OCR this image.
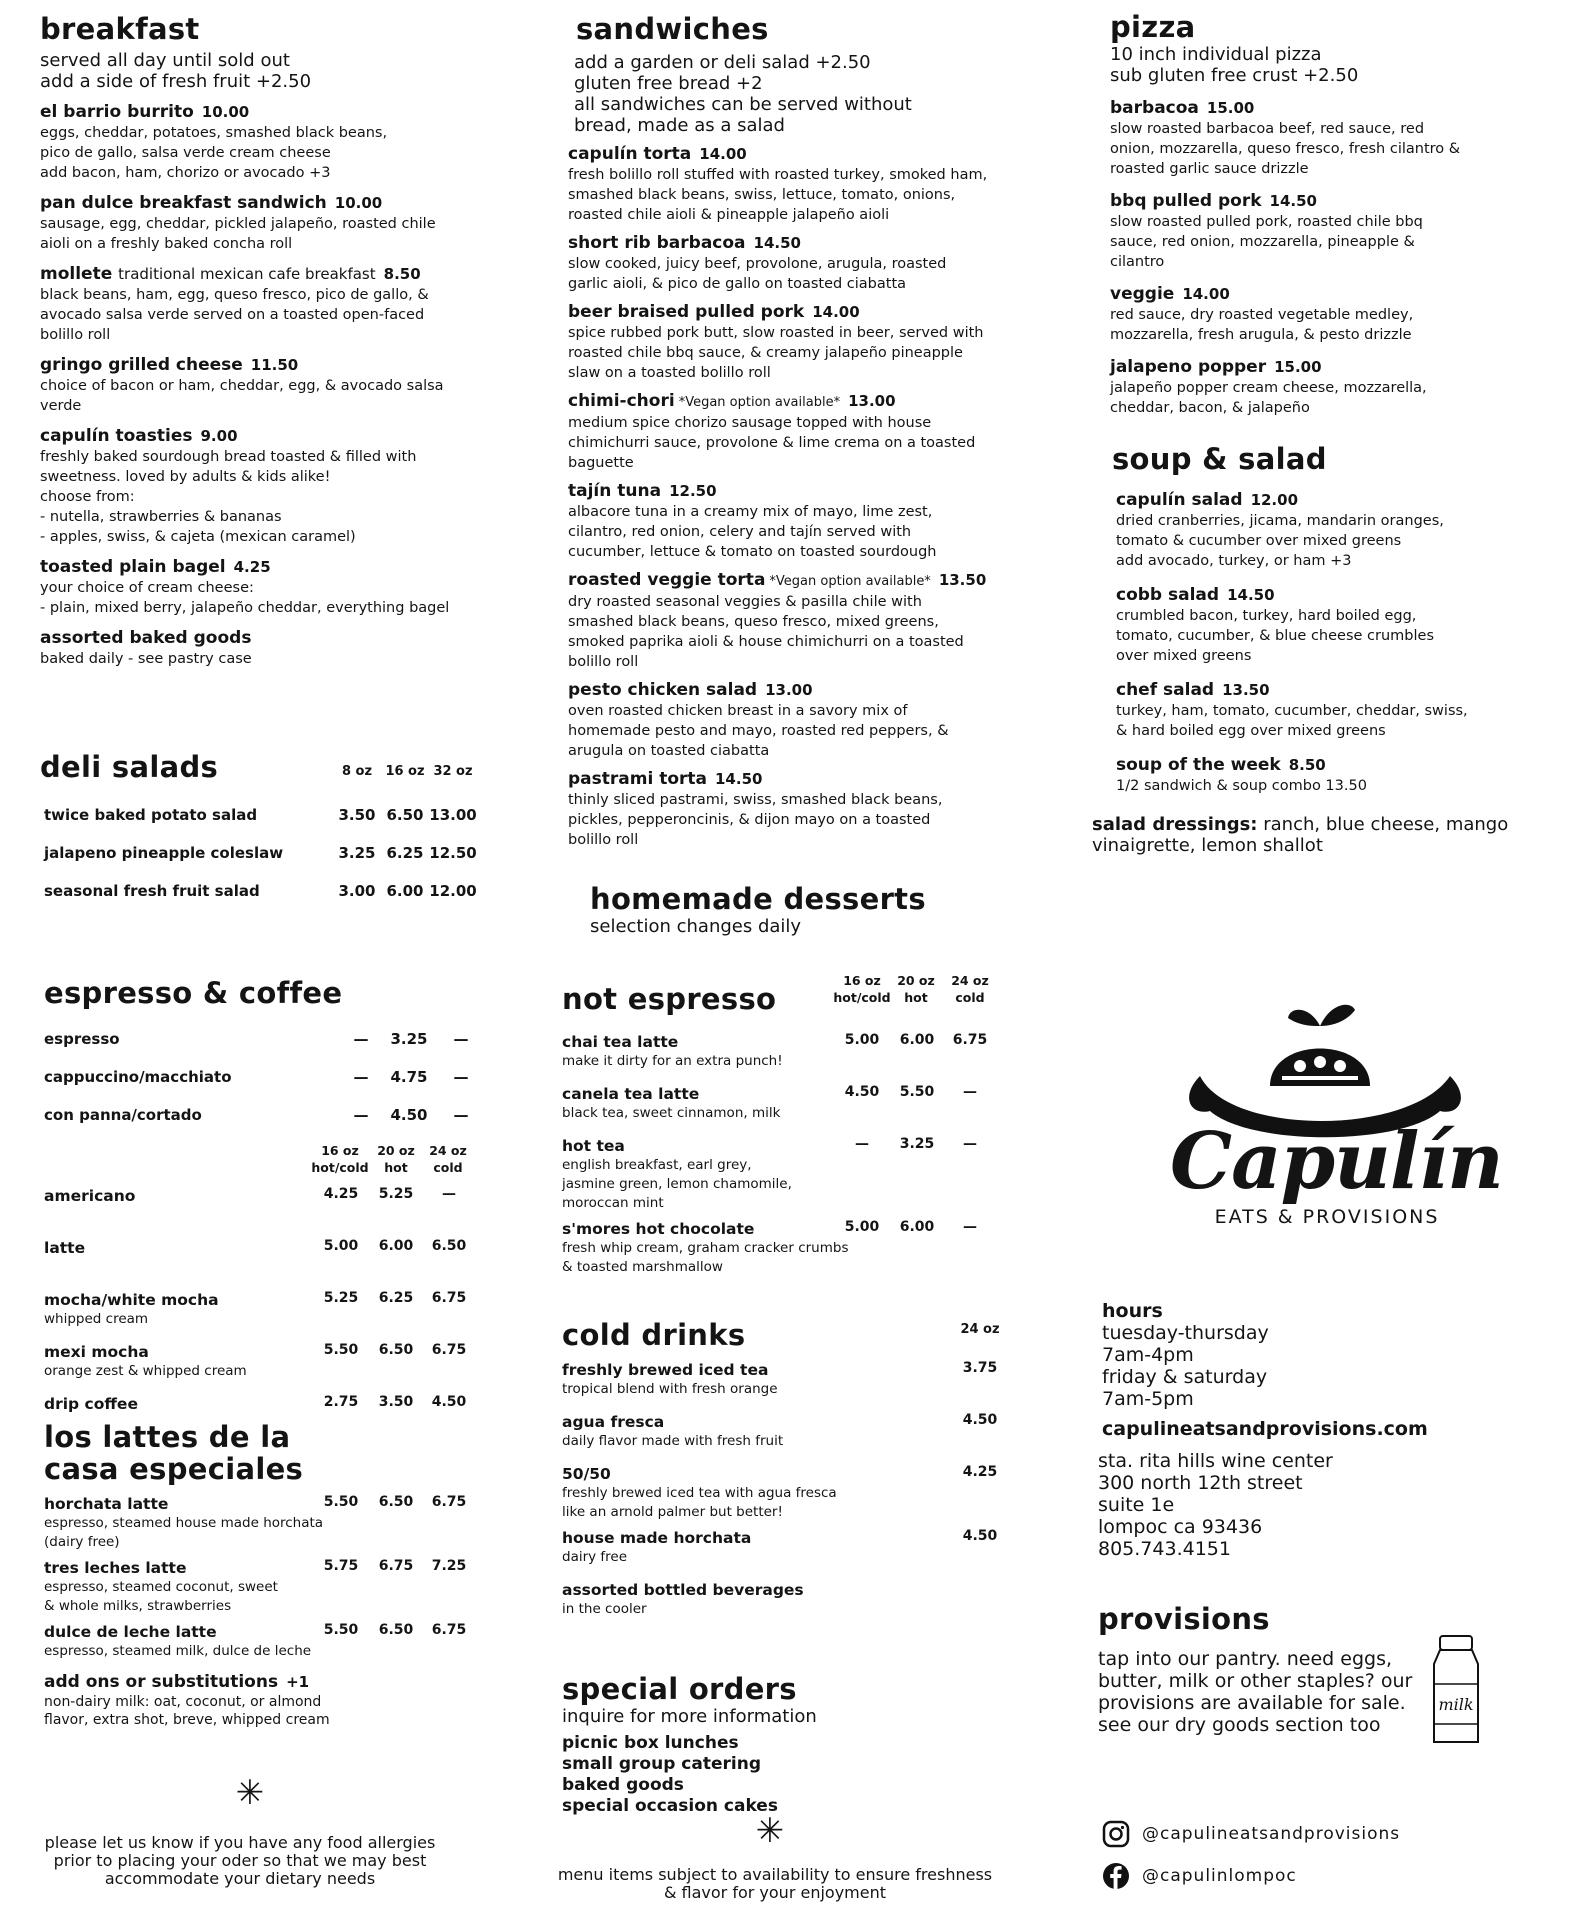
breakfast
served all day until sold out
add a side of fresh fruit +2.50
el barrio burrito 10.00
eggs, cheddar, potatoes, smashed black beans,
pico de gallo, salsa verde cream cheese
add bacon, ham, chorizo or avocado +3
pan dulce breakfast sandwich 10.00
sausage, egg, cheddar, pickled jalapeño, roasted chile
aioli on a freshly baked concha roll
mollete traditional mexican cafe breakfast 8.50
black beans, ham, egg, queso fresco, pico de gallo, &
avocado salsa verde served on a toasted open-faced
bolillo roll
gringo grilled cheese 11.50
choice of bacon or ham, cheddar, egg, & avocado salsa
verde
capulín toasties 9.00
freshly baked sourdough bread toasted & filled with
sweetness. loved by adults & kids alike!
choose from:
- nutella, strawberries & bananas
- apples, swiss, & cajeta (mexican caramel)
toasted plain bagel 4.25
your choice of cream cheese:
- plain, mixed berry, jalapeño cheddar, everything bagel
assorted baked goods
baked daily - see pastry case
deli salads	8 oz	16 oz 32 oz
twice baked potato salad	3.50 6.50 13.00
jalapeno pineapple coleslaw	3.25 6.25 12.50
seasonal fresh fruit salad	3.00 6.00 12.00
espresso & coffee
espresso	—	3.25	—
cappuccino/macchiato	—	4.75	—
con panna/cortado	—	4.50	—
16 oz
hot/cold
20 oz
hot
24 oz
cold
americano	4.25	5.25	—
latte	5.00	6.00	6.50
mocha/white mocha
whipped cream
5.25	6.25	6.75
mexi mocha
orange zest & whipped cream
5.50	6.50	6.75
drip coffee	2.75	3.50	4.50
los lattes de la
casa especiales
horchata latte
espresso, steamed house made horchata
(dairy free)
5.50	6.50	6.75
tres leches latte
espresso, steamed coconut, sweet
& whole milks, strawberries
5.75	6.75	7.25
dulce de leche latte
espresso, steamed milk, dulce de leche
5.50	6.50	6.75
add ons or substitutions +1
non-dairy milk: oat, coconut, or almond
flavor, extra shot, breve, whipped cream
✳
please let us know if you have any food allergies
prior to placing your oder so that we may best
accommodate your dietary needs
sandwiches
add a garden or deli salad +2.50
gluten free bread +2
all sandwiches can be served without
bread, made as a salad
capulín torta 14.00
fresh bolillo roll stuffed with roasted turkey, smoked ham,
smashed black beans, swiss, lettuce, tomato, onions,
roasted chile aioli & pineapple jalapeño aioli
short rib barbacoa 14.50
slow cooked, juicy beef, provolone, arugula, roasted
garlic aioli, & pico de gallo on toasted ciabatta
beer braised pulled pork 14.00
spice rubbed pork butt, slow roasted in beer, served with
roasted chile bbq sauce, & creamy jalapeño pineapple
slaw on a toasted bolillo roll
chimi-chori *Vegan option available* 13.00
medium spice chorizo sausage topped with house
chimichurri sauce, provolone & lime crema on a toasted
baguette
tajín tuna 12.50
albacore tuna in a creamy mix of mayo, lime zest,
cilantro, red onion, celery and tajín served with
cucumber, lettuce & tomato on toasted sourdough
roasted veggie torta *Vegan option available* 13.50
dry roasted seasonal veggies & pasilla chile with
smashed black beans, queso fresco, mixed greens,
smoked paprika aioli & house chimichurri on a toasted
bolillo roll
pesto chicken salad 13.00
oven roasted chicken breast in a savory mix of
homemade pesto and mayo, roasted red peppers, &
arugula on toasted ciabatta
pastrami torta 14.50
thinly sliced pastrami, swiss, smashed black beans,
pickles, pepperoncinis, & dijon mayo on a toasted
bolillo roll
homemade desserts
selection changes daily
not espresso
16 oz
hot/cold
20 oz
hot
24 oz
cold
chai tea latte
make it dirty for an extra punch!
5.00	6.00	6.75
canela tea latte
black tea, sweet cinnamon, milk
4.50	5.50	—
hot tea
english breakfast, earl grey,
jasmine green, lemon chamomile,
moroccan mint
—	3.25	—
s'mores hot chocolate
fresh whip cream, graham cracker crumbs
& toasted marshmallow
5.00	6.00	—
cold drinks	24 oz
freshly brewed iced tea
tropical blend with fresh orange
3.75
agua fresca
daily flavor made with fresh fruit
4.50
50/50
freshly brewed iced tea with agua fresca
like an arnold palmer but better!
4.25
house made horchata
dairy free
4.50
assorted bottled beverages
in the cooler
special orders
inquire for more information
picnic box lunches
small group catering
baked goods
special occasion cakes
✳
menu items subject to availability to ensure freshness
& flavor for your enjoyment
pizza
10 inch individual pizza
sub gluten free crust +2.50
barbacoa 15.00
slow roasted barbacoa beef, red sauce, red
onion, mozzarella, queso fresco, fresh cilantro &
roasted garlic sauce drizzle
bbq pulled pork 14.50
slow roasted pulled pork, roasted chile bbq
sauce, red onion, mozzarella, pineapple &
cilantro
veggie 14.00
red sauce, dry roasted vegetable medley,
mozzarella, fresh arugula, & pesto drizzle
jalapeno popper 15.00
jalapeño popper cream cheese, mozzarella,
cheddar, bacon, & jalapeño
soup & salad
capulín salad 12.00
dried cranberries, jicama, mandarin oranges,
tomato & cucumber over mixed greens
add avocado, turkey, or ham +3
cobb salad 14.50
crumbled bacon, turkey, hard boiled egg,
tomato, cucumber, & blue cheese crumbles
over mixed greens
chef salad 13.50
turkey, ham, tomato, cucumber, cheddar, swiss,
& hard boiled egg over mixed greens
soup of the week 8.50
1/2 sandwich & soup combo 13.50
salad dressings: ranch, blue cheese, mango
vinaigrette, lemon shallot
Capulín
EATS & PROVISIONS
hours
tuesday-thursday
7am-4pm
friday & saturday
7am-5pm
capulineatsandprovisions.com
sta. rita hills wine center
300 north 12th street
suite 1e
lompoc ca 93436
805.743.4151
provisions
tap into our pantry. need eggs,
butter, milk or other staples? our
provisions are available for sale.
see our dry goods section too
milk
@capulineatsandprovisions
@capulinlompoc
